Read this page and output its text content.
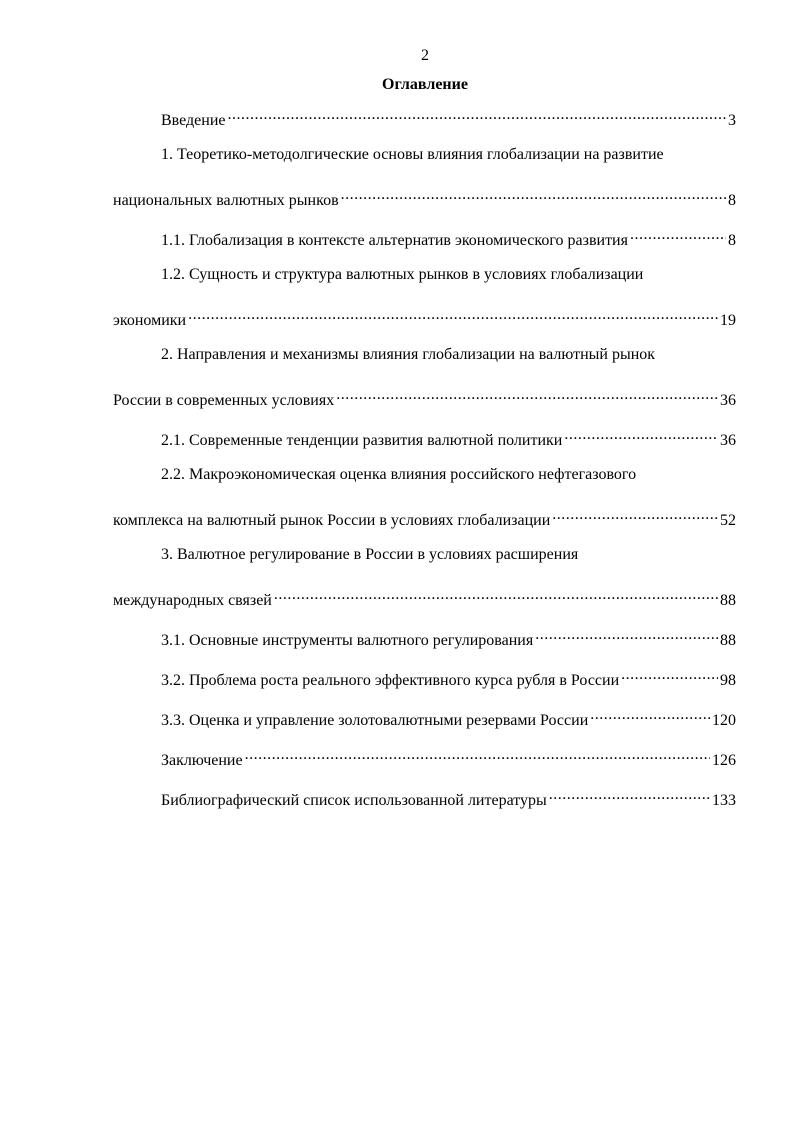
2
Оглавление
Введение .....	3
1. Теоретико-методолгические основы влияния глобализации на развитие
национальных валютных рынков .....	8
1.1. Глобализация в контексте альтернатив экономического развития .....	8
1.2. Сущность и структура валютных рынков в условиях глобализации
экономики .....	19
2. Направления и механизмы влияния глобализации на валютный рынок
России в современных условиях .....	36
2.1. Современные тенденции развития валютной политики .....	36
2.2. Макроэкономическая оценка влияния российского нефтегазового
комплекса на валютный рынок России в условиях глобализации .....	52
3. Валютное регулирование в России в условиях расширения
международных связей .....	88
3.1. Основные инструменты валютного регулирования .....	88
3.2. Проблема роста реального эффективного курса рубля в России .....	98
3.3. Оценка и управление золотовалютными резервами России .....	120
Заключение .....	126
Библиографический список использованной литературы .....	133
